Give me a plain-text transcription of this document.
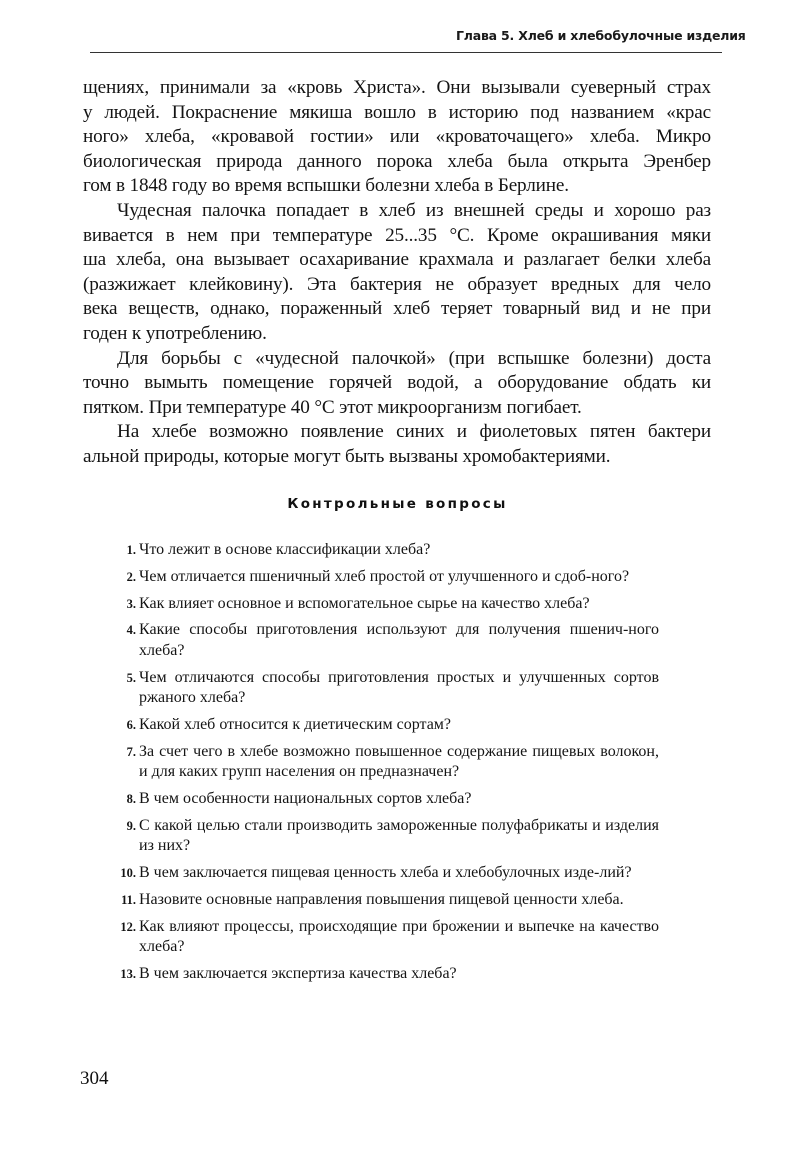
Глава 5. Хлеб и хлебобулочные изделия
щениях, принимали за «кровь Христа». Они вызывали суеверный страх
у людей. Покраснение мякиша вошло в историю под названием «крас
ного» хлеба, «кровавой гостии» или «кроваточащего» хлеба. Микро
биологическая природа данного порока хлеба была открыта Эренбер
гом в 1848 году во время вспышки болезни хлеба в Берлине.
Чудесная палочка попадает в хлеб из внешней среды и хорошо раз
вивается в нем при температуре 25...35 °С. Кроме окрашивания мяки
ша хлеба, она вызывает осахаривание крахмала и разлагает белки хлеба
(разжижает клейковину). Эта бактерия не образует вредных для чело
века веществ, однако, пораженный хлеб теряет товарный вид и не при
годен к употреблению.
Для борьбы с «чудесной палочкой» (при вспышке болезни) доста
точно вымыть помещение горячей водой, а оборудование обдать ки
пятком. При температуре 40 °С этот микроорганизм погибает.
На хлебе возможно появление синих и фиолетовых пятен бактери
альной природы, которые могут быть вызваны хромобактериями.
Контрольные вопросы
1. Что лежит в основе классификации хлеба?
2. Чем отличается пшеничный хлеб простой от улучшенного и сдоб-ного?
3. Как влияет основное и вспомогательное сырье на качество хлеба?
4. Какие способы приготовления используют для получения пшенич-ного хлеба?
5. Чем отличаются способы приготовления простых и улучшенных сортов ржаного хлеба?
6. Какой хлеб относится к диетическим сортам?
7. За счет чего в хлебе возможно повышенное содержание пищевых волокон, и для каких групп населения он предназначен?
8. В чем особенности национальных сортов хлеба?
9. С какой целью стали производить замороженные полуфабрикаты и изделия из них?
10. В чем заключается пищевая ценность хлеба и хлебобулочных изде-лий?
11. Назовите основные направления повышения пищевой ценности хлеба.
12. Как влияют процессы, происходящие при брожении и выпечке на качество хлеба?
13. В чем заключается экспертиза качества хлеба?
304
